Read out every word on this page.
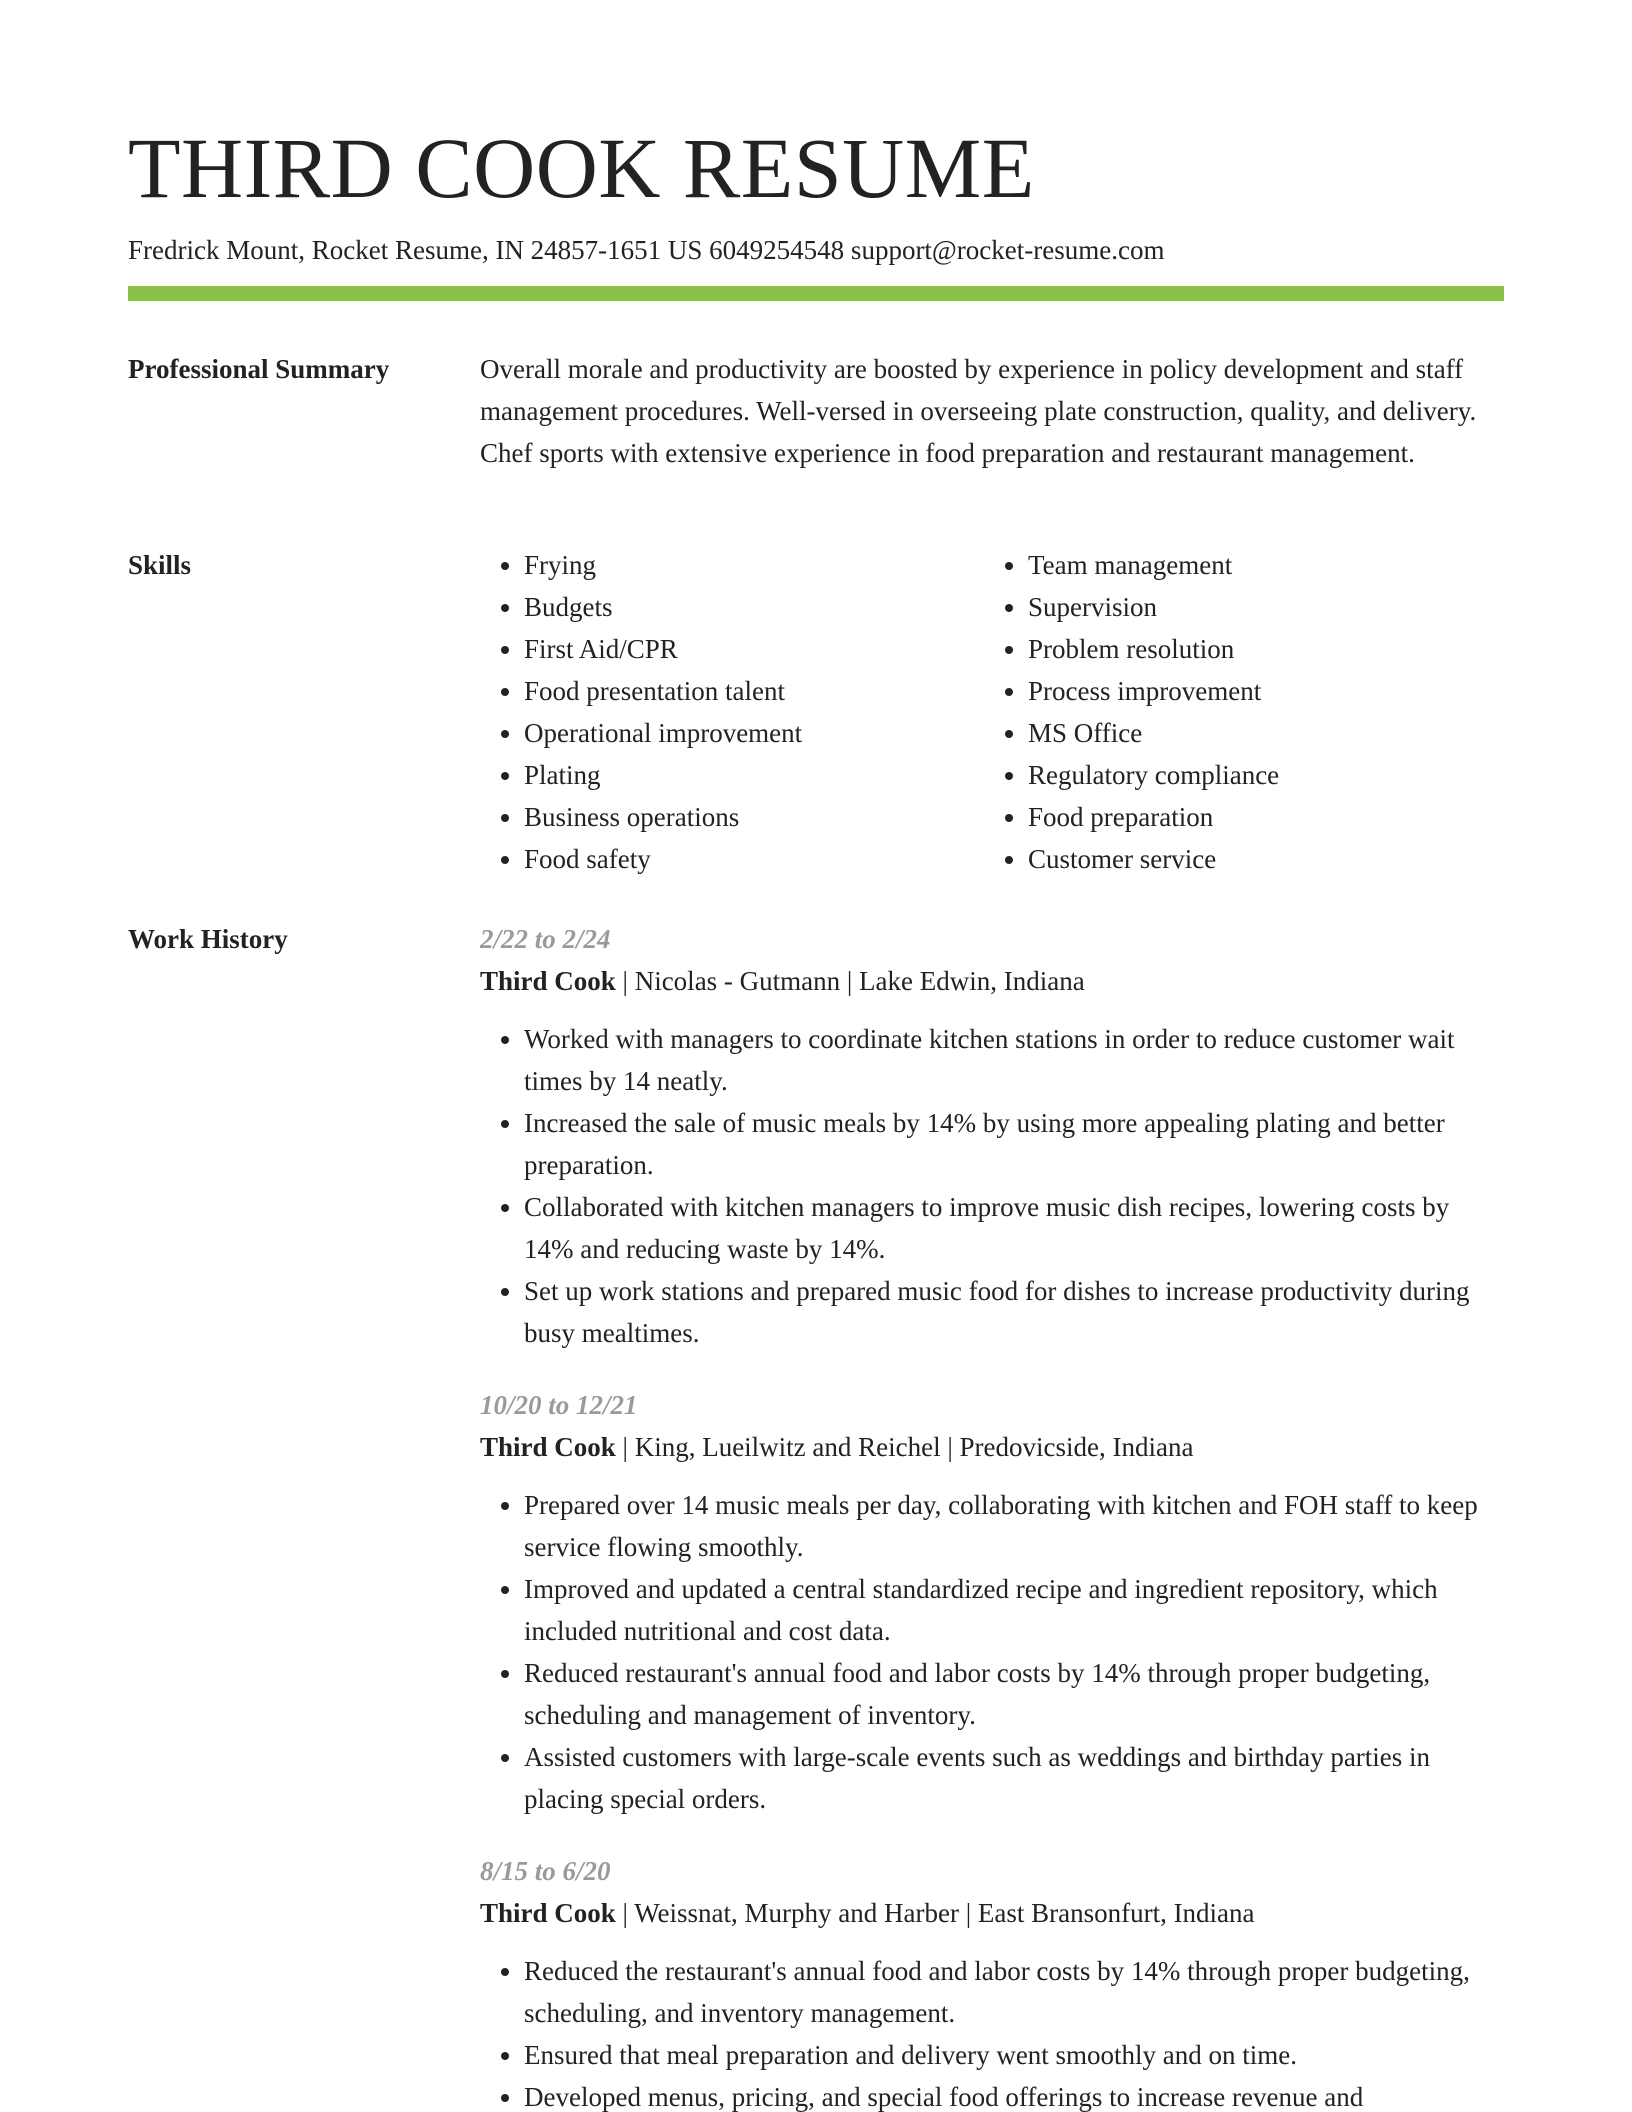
THIRD COOK RESUME
Fredrick Mount, Rocket Resume, IN 24857-1651 US 6049254548 support@rocket-resume.com
Professional Summary	Overall morale and productivity are boosted by experience in policy development and staff management procedures. Well-versed in overseeing plate construction, quality, and delivery. Chef sports with extensive experience in food preparation and restaurant management.

Skills
•	Frying
• Budgets
• First Aid/CPR
• Food presentation talent
• Operational improvement
• Plating
• Business operations
• Food safety
• Team management
• Supervision
• Problem resolution
• Process improvement
• MS Office
• Regulatory compliance
• Food preparation
• Customer service
Work History	2/22 to 2/24
Third Cook | Nicolas - Gutmann | Lake Edwin, Indiana
• Worked with managers to coordinate kitchen stations in order to reduce customer wait times by 14 neatly.
• Increased the sale of music meals by 14% by using more appealing plating and better preparation.
• Collaborated with kitchen managers to improve music dish recipes, lowering costs by 14% and reducing waste by 14%.
• Set up work stations and prepared music food for dishes to increase productivity during busy mealtimes.
10/20 to 12/21
Third Cook | King, Lueilwitz and Reichel | Predovicside, Indiana
• Prepared over 14 music meals per day, collaborating with kitchen and FOH staff to keep service flowing smoothly.
• Improved and updated a central standardized recipe and ingredient repository, which included nutritional and cost data.
• Reduced restaurant's annual food and labor costs by 14% through proper budgeting, scheduling and management of inventory.
• Assisted customers with large-scale events such as weddings and birthday parties in placing special orders.
8/15 to 6/20
Third Cook | Weissnat, Murphy and Harber | East Bransonfurt, Indiana
• Reduced the restaurant's annual food and labor costs by 14% through proper budgeting, scheduling, and inventory management.
• Ensured that meal preparation and delivery went smoothly and on time.
• Developed menus, pricing, and special food offerings to increase revenue and
